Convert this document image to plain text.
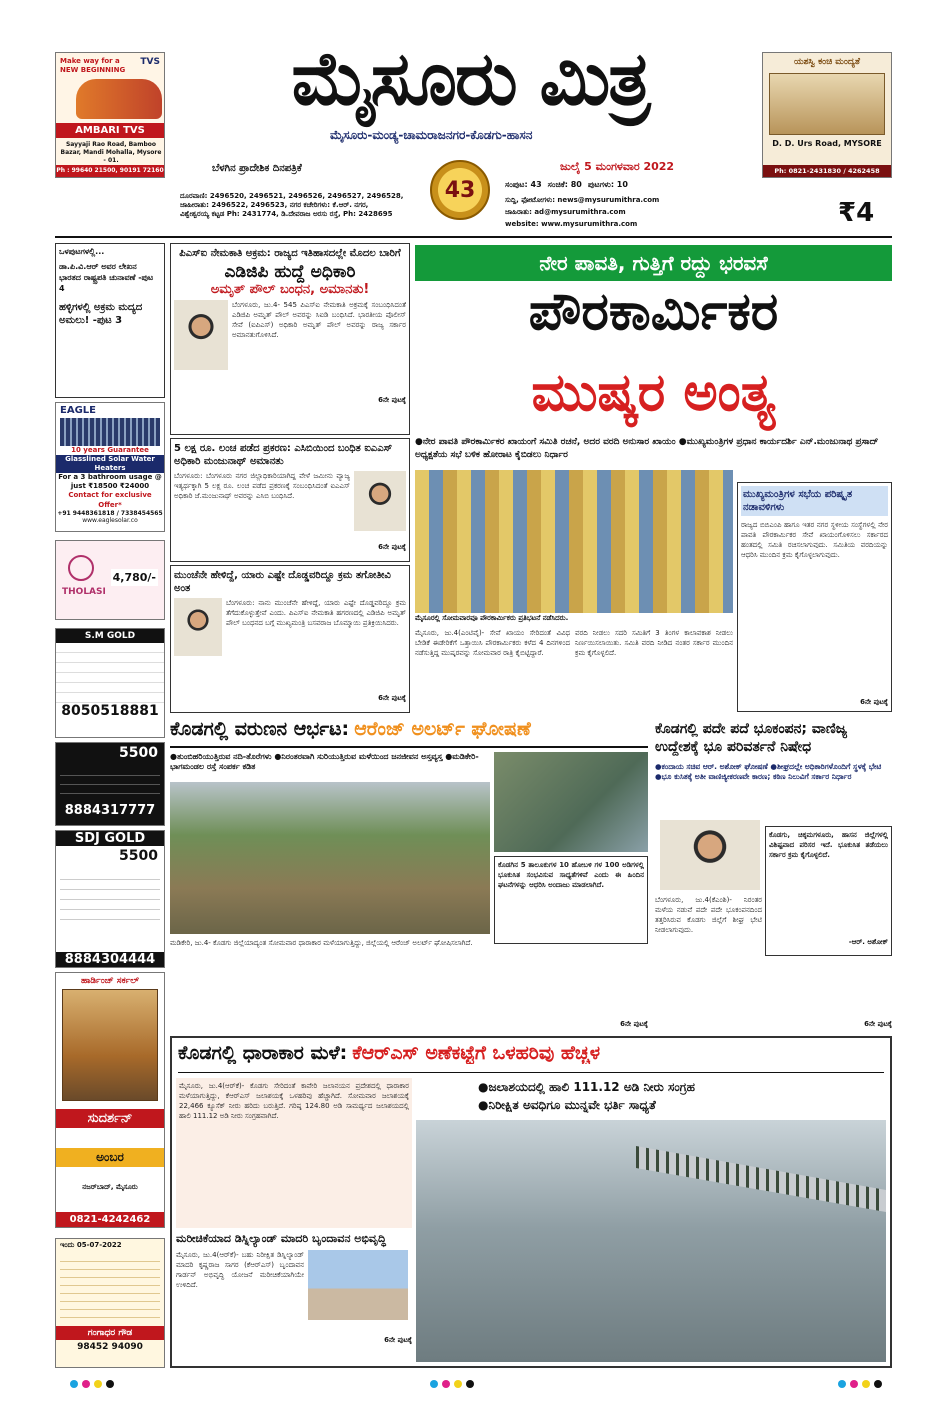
Make way for a NEW BEGINNING
TVS
AMBARI TVS
Sayyaji Rao Road, Bamboo Bazar, Mandi Mohalla, Mysore - 01.
Ph : 99640 21500, 90191 72160
ಮೈಸೂರು ಮಿತ್ರ
ಮೈಸೂರು-ಮಂಡ್ಯ-ಚಾಮರಾಜನಗರ-ಕೊಡಗು-ಹಾಸನ
ಬೆಳಗಿನ ಪ್ರಾದೇಶಿಕ ದಿನಪತ್ರಿಕೆ	ಜುಲೈ 5 ಮಂಗಳವಾರ 2022
43	ಸಂಪುಟ: 43 ಸಂಚಿಕೆ: 80 ಪುಟಗಳು: 10
ಸುದ್ದಿ, ಫೋಟೋಗಳು: news@mysurumithra.com
ಜಾಹಿರಾತು: ad@mysurumithra.com
website: www.mysurumithra.com	₹4
ದೂರವಾಣಿ: 2496520, 2496521, 2496526, 2496527, 2496528,
ಜಾಹೀರಾತು: 2496522, 2496523, ನಗರ ಕಚೇರಿಗಳು: ಕೆ.ಆರ್. ನಗರ,
ವಿಶ್ವೇಶ್ವರಯ್ಯ ಕಟ್ಟಡ Ph: 2431774, ಡಿ.ದೇವರಾಜ ಅರಸು ರಸ್ತೆ, Ph: 2428695
ಯಶಸ್ವಿ ಕಂಚಿ ಮಂದ್ಯತೆ
D. D. Urs Road, MYSORE
Ph: 0821-2431830 / 4262458
ಒಳಪುಟಗಳಲ್ಲಿ...
ಡಾ.ಪಿ.ವಿ.ಆರ್ ಅವರ ಲೇಖನ ಭಾರತದ ರಾಷ್ಟ್ರಪತಿ ಚುನಾವಣೆ -ಪುಟ 4
ಹಳ್ಳಿಗಳಲ್ಲಿ ಅಕ್ರಮ ಮದ್ಯದ ಅಮಲು! -ಪುಟ 3
EAGLE
10 years Guarantee
Glasslined Solar Water Heaters
For a 3 bathroom usage @ just ₹18500 ₹24000
Contact for exclusive Offer*
+91 9448361818 / 7338454565
www.eaglesolar.co
THOLASI
4,780/-
S.M GOLD
8050518881
5500
8884317777
SDJ GOLD
5500
8884304444
ಹಾರ್ಡಿಂಜ್ ಸರ್ಕಲ್
ಸುದರ್ಶನ್
ಅಂಬರ
ನಜರ್‌ಬಾದ್, ಮೈಸೂರು
0821-4242462
ಇಂದು 05-07-2022
ಗಂಗಾಧರ ಗೌಡ
98452 94090
ಪಿಎಸ್‌ಐ ನೇಮಕಾತಿ ಅಕ್ರಮ: ರಾಜ್ಯದ ಇತಿಹಾಸದಲ್ಲೇ ಮೊದಲ ಬಾರಿಗೆ
ಎಡಿಜಿಪಿ ಹುದ್ದೆ ಅಧಿಕಾರಿ
ಅಮೃತ್ ಪೌಲ್ ಬಂಧನ, ಅಮಾನತು!
ಬೆಂಗಳೂರು, ಜು.4- 545 ಪಿಎಸ್‌ಐ ನೇಮಕಾತಿ ಅಕ್ರಮಕ್ಕೆ ಸಂಬಂಧಿಸಿದಂತೆ ಎಡಿಜಿಪಿ ಅಮೃತ್ ಪೌಲ್ ಅವರನ್ನು ಸಿಐಡಿ ಬಂಧಿಸಿದೆ. ಭಾರತೀಯ ಪೊಲೀಸ್ ಸೇವೆ (ಐಪಿಎಸ್) ಅಧಿಕಾರಿ ಅಮೃತ್ ಪೌಲ್ ಅವರನ್ನು ರಾಜ್ಯ ಸರ್ಕಾರ ಅಮಾನತುಗೊಳಿಸಿದೆ.
6ನೇ ಪುಟಕ್ಕೆ
5 ಲಕ್ಷ ರೂ. ಲಂಚ ಪಡೆದ ಪ್ರಕರಣ: ಎಸಿಬಿಯಿಂದ ಬಂಧಿತ ಐಎಎಸ್ ಅಧಿಕಾರಿ ಮಂಜುನಾಥ್ ಅಮಾನತು
ಬೆಂಗಳೂರು: ಬೆಂಗಳೂರು ನಗರ ಜಿಲ್ಲಾಧಿಕಾರಿಯಾಗಿದ್ದ ವೇಳೆ ಜಮೀನು ವ್ಯಾಜ್ಯ ಇತ್ಯರ್ಥಕ್ಕಾಗಿ 5 ಲಕ್ಷ ರೂ. ಲಂಚ ಪಡೆದ ಪ್ರಕರಣಕ್ಕೆ ಸಂಬಂಧಿಸಿದಂತೆ ಐಎಎಸ್ ಅಧಿಕಾರಿ ಜೆ.ಮಂಜುನಾಥ್ ಅವರನ್ನು ಎಸಿಬಿ ಬಂಧಿಸಿದೆ.
6ನೇ ಪುಟಕ್ಕೆ
ಮುಂಚೆನೇ ಹೇಳಿದ್ದೆ, ಯಾರು ಎಷ್ಟೇ ದೊಡ್ಡವರಿದ್ದೂ ಕ್ರಮ ತಗೋತೀವಿ ಅಂತ
ಬೆಂಗಳೂರು: ನಾನು ಮುಂಚೆನೇ ಹೇಳಿದ್ದೆ, ಯಾರು ಎಷ್ಟೇ ದೊಡ್ಡವರಿದ್ದೂ ಕ್ರಮ ತೆಗೆದುಕೊಳ್ಳುತ್ತೇವೆ ಎಂದು. ಪಿಎಸ್‌ಐ ನೇಮಕಾತಿ ಹಗರಣದಲ್ಲಿ ಎಡಿಜಿಪಿ ಅಮೃತ್ ಪೌಲ್ ಬಂಧನದ ಬಗ್ಗೆ ಮುಖ್ಯಮಂತ್ರಿ ಬಸವರಾಜ ಬೊಮ್ಮಾಯಿ ಪ್ರತಿಕ್ರಿಯಿಸಿದರು.
6ನೇ ಪುಟಕ್ಕೆ
ನೇರ ಪಾವತಿ, ಗುತ್ತಿಗೆ ರದ್ದು ಭರವಸೆ
ಪೌರಕಾರ್ಮಿಕರ
ಮುಷ್ಕರ ಅಂತ್ಯ
●ನೇರ ಪಾವತಿ ಪೌರಕಾರ್ಮಿಕರ ಖಾಯಂಗೆ ಸಮಿತಿ ರಚನೆ, ಅದರ ವರದಿ ಅನುಸಾರ ಖಾಯಂ ●ಮುಖ್ಯಮಂತ್ರಿಗಳ ಪ್ರಧಾನ ಕಾರ್ಯದರ್ಶಿ ಎನ್.ಮಂಜುನಾಥ ಪ್ರಸಾದ್ ಅಧ್ಯಕ್ಷತೆಯ ಸಭೆ ಬಳಿಕ ಹೋರಾಟ ಕೈಬಿಡಲು ನಿರ್ಧಾರ
ಮೈಸೂರಲ್ಲಿ ಸೋಮವಾರವೂ ಪೌರಕಾರ್ಮಿಕರು ಪ್ರತಿಭಟನೆ ನಡೆಸಿದರು.
ಮುಖ್ಯಮಂತ್ರಿಗಳ ಸಭೆಯ ಪರಿಷ್ಕೃತ ನಡಾವಳಿಗಳು
ರಾಜ್ಯದ ಬಿಬಿಎಂಪಿ ಹಾಗೂ ಇತರ ನಗರ ಸ್ಥಳೀಯ ಸಂಸ್ಥೆಗಳಲ್ಲಿ ನೇರ ಪಾವತಿ ಪೌರಕಾರ್ಮಿಕರ ಸೇವೆ ಖಾಯಂಗೊಳಿಸಲು ಸರ್ಕಾರದ ಹಂತದಲ್ಲಿ ಸಮಿತಿ ರಚಿಸಲಾಗುವುದು. ಸಮಿತಿಯ ವರದಿಯನ್ನು ಆಧರಿಸಿ ಮುಂದಿನ ಕ್ರಮ ಕೈಗೊಳ್ಳಲಾಗುವುದು.
6ನೇ ಪುಟಕ್ಕೆ
ಮೈಸೂರು, ಜು.4(ಎಂಟಿವೈ)- ಸೇವೆ ಖಾಯಂ ಸೇರಿದಂತೆ ವಿವಿಧ ಬೇಡಿಕೆ ಈಡೇರಿಕೆಗೆ ಒತ್ತಾಯಿಸಿ ಪೌರಕಾರ್ಮಿಕರು ಕಳೆದ 4 ದಿನಗಳಿಂದ ನಡೆಸುತ್ತಿದ್ದ ಮುಷ್ಕರವನ್ನು ಸೋಮವಾರ ರಾತ್ರಿ ಕೈಬಿಟ್ಟಿದ್ದಾರೆ.
ವರದಿ ನೀಡಲು ಸದರಿ ಸಮಿತಿಗೆ 3 ತಿಂಗಳ ಕಾಲಾವಕಾಶ ನೀಡಲು ನಿರ್ಣಯಿಸಲಾಯಿತು. ಸಮಿತಿ ವರದಿ ನೀಡಿದ ನಂತರ ಸರ್ಕಾರ ಮುಂದಿನ ಕ್ರಮ ಕೈಗೊಳ್ಳಲಿದೆ.
ಕೊಡಗಲ್ಲಿ ವರುಣನ ಆರ್ಭಟ: ಆರೆಂಜ್ ಅಲರ್ಟ್ ಘೋಷಣೆ
●ತುಂಬಿಹರಿಯುತ್ತಿರುವ ನದಿ-ತೊರೆಗಳು ●ನಿರಂತರವಾಗಿ ಸುರಿಯುತ್ತಿರುವ ಮಳೆಯಿಂದ ಜನಜೀವನ ಅಸ್ತವ್ಯಸ್ತ ●ಮಡಿಕೇರಿ-ಭಾಗಮಂಡಲ ರಸ್ತೆ ಸಂಪರ್ಕ ಕಡಿತ
ಕೊಡಗಿನ 5 ತಾಲೂಕುಗಳ 10 ಹೋಬಳಿ ಗಳ 100 ಅಡಿಗಳಲ್ಲಿ ಭೂಕುಸಿತ ಸಂಭವಿಸುವ ಸಾಧ್ಯತೆಗಳಿವೆ ಎಂದು ಈ ಹಿಂದಿನ ಘಟನೆಗಳನ್ನು ಆಧರಿಸಿ ಅಂದಾಜು ಮಾಡಲಾಗಿದೆ.
ಮಡಿಕೇರಿ, ಜು.4- ಕೊಡಗು ಜಿಲ್ಲೆಯಾದ್ಯಂತ ಸೋಮವಾರ ಧಾರಾಕಾರ ಮಳೆಯಾಗುತ್ತಿದ್ದು, ಜಿಲ್ಲೆಯಲ್ಲಿ ಆರೆಂಜ್ ಅಲರ್ಟ್ ಘೋಷಿಸಲಾಗಿದೆ.
6ನೇ ಪುಟಕ್ಕೆ
ಕೊಡಗಲ್ಲಿ ಪದೇ ಪದೆ ಭೂಕಂಪನ; ವಾಣಿಜ್ಯ ಉದ್ದೇಶಕ್ಕೆ ಭೂ ಪರಿವರ್ತನೆ ನಿಷೇಧ
●ಕಂದಾಯ ಸಚಿವ ಆರ್. ಅಶೋಕ್ ಘೋಷಣೆ ●ಶೀಘ್ರದಲ್ಲೇ ಅಧಿಕಾರಿಗಳೊಂದಿಗೆ ಸ್ಥಳಕ್ಕೆ ಭೇಟಿ ●ಭೂ ಕುಸಿತಕ್ಕೆ ಅತೀ ವಾಣಿಜ್ಯೀಕರಣವೇ ಕಾರಣ; ಕಠಿಣ ನಿಲುವಿಗೆ ಸರ್ಕಾರ ನಿರ್ಧಾರ
ಕೊಡಗು, ಚಿಕ್ಕಮಗಳೂರು, ಹಾಸನ ಜಿಲ್ಲೆಗಳಲ್ಲಿ ವಿಶಿಷ್ಟವಾದ ಪರಿಸರ ಇದೆ. ಭೂಕುಸಿತ ತಡೆಯಲು ಸರ್ಕಾರ ಕ್ರಮ ಕೈಗೊಳ್ಳಲಿದೆ.
-ಆರ್. ಅಶೋಕ್
ಬೆಂಗಳೂರು, ಜು.4(ಕೆಎಂಶಿ)- ನಿರಂತರ ಮಳೆಯ ನಡುವೆ ಪದೇ ಪದೇ ಭೂಕಂಪನದಿಂದ ತತ್ತರಿಸಿರುವ ಕೊಡಗು ಜಿಲ್ಲೆಗೆ ಶೀಘ್ರ ಭೇಟಿ ನೀಡಲಾಗುವುದು.
6ನೇ ಪುಟಕ್ಕೆ
ಕೊಡಗಲ್ಲಿ ಧಾರಾಕಾರ ಮಳೆ: ಕೆಆರ್‌ಎಸ್ ಅಣೆಕಟ್ಟೆಗೆ ಒಳಹರಿವು ಹೆಚ್ಚಳ
ಮೈಸೂರು, ಜು.4(ಆರ್‌ಕೆ)- ಕೊಡಗು ಸೇರಿದಂತೆ ಕಾವೇರಿ ಜಲಾನಯನ ಪ್ರದೇಶದಲ್ಲಿ ಧಾರಾಕಾರ ಮಳೆಯಾಗುತ್ತಿದ್ದು, ಕೆಆರ್‌ಎಸ್ ಜಲಾಶಯಕ್ಕೆ ಒಳಹರಿವು ಹೆಚ್ಚಾಗಿದೆ. ಸೋಮವಾರ ಜಲಾಶಯಕ್ಕೆ 22,466 ಕ್ಯೂಸೆಕ್ ನೀರು ಹರಿದು ಬರುತ್ತಿದೆ. ಗರಿಷ್ಠ 124.80 ಅಡಿ ಸಾಮರ್ಥ್ಯದ ಜಲಾಶಯದಲ್ಲಿ ಹಾಲಿ 111.12 ಅಡಿ ನೀರು ಸಂಗ್ರಹವಾಗಿದೆ.
●ಜಲಾಶಯದಲ್ಲಿ ಹಾಲಿ 111.12 ಅಡಿ ನೀರು ಸಂಗ್ರಹ
●ನಿರೀಕ್ಷಿತ ಅವಧಿಗೂ ಮುನ್ನವೇ ಭರ್ತಿ ಸಾಧ್ಯತೆ
ಮರೀಚಿಕೆಯಾದ ಡಿಸ್ನಿಲ್ಯಾಂಡ್ ಮಾದರಿ ಬೃಂದಾವನ ಅಭಿವೃದ್ಧಿ
ಮೈಸೂರು, ಜು.4(ಆರ್‌ಕೆ)- ಬಹು ನಿರೀಕ್ಷಿತ ಡಿಸ್ನಿಲ್ಯಾಂಡ್ ಮಾದರಿ ಕೃಷ್ಣರಾಜ ಸಾಗರ (ಕೆಆರ್‌ಎಸ್) ಬೃಂದಾವನ ಗಾರ್ಡನ್ ಅಭಿವೃದ್ಧಿ ಯೋಜನೆ ಮರೀಚಿಕೆಯಾಗಿಯೇ ಉಳಿದಿದೆ.
6ನೇ ಪುಟಕ್ಕೆ
